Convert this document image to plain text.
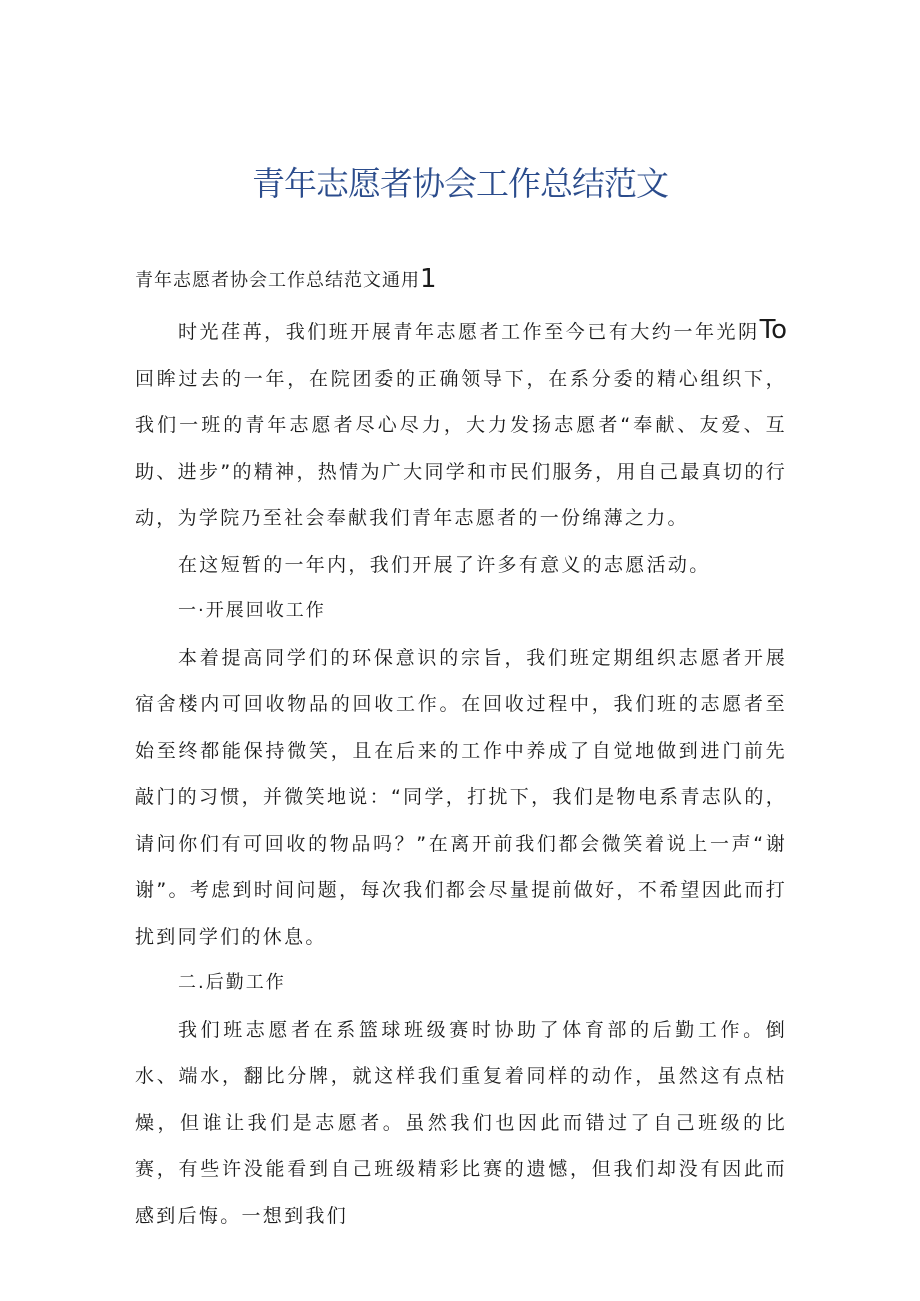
青年志愿者协会工作总结范文
青年志愿者协会工作总结范文通用1

时光荏苒，我们班开展青年志愿者工作至今已有大约一年光阴To回眸过去的一年，在院团委的正确领导下，在系分委的精心组织下，我们一班的青年志愿者尽心尽力，大力发扬志愿者“奉献、友爱、互助、进步”的精神，热情为广大同学和市民们服务，用自己最真切的行动，为学院乃至社会奉献我们青年志愿者的一份绵薄之力。

在这短暂的一年内，我们开展了许多有意义的志愿活动。

一·开展回收工作

本着提高同学们的环保意识的宗旨，我们班定期组织志愿者开展宿舍楼内可回收物品的回收工作。在回收过程中，我们班的志愿者至始至终都能保持微笑，且在后来的工作中养成了自觉地做到进门前先敲门的习惯，并微笑地说：“同学，打扰下，我们是物电系青志队的，请问你们有可回收的物品吗？”在离开前我们都会微笑着说上一声“谢谢”。考虑到时间问题，每次我们都会尽量提前做好，不希望因此而打扰到同学们的休息。

二.后勤工作

我们班志愿者在系篮球班级赛时协助了体育部的后勤工作。倒水、端水，翻比分牌，就这样我们重复着同样的动作，虽然这有点枯燥，但谁让我们是志愿者。虽然我们也因此而错过了自己班级的比赛，有些许没能看到自己班级精彩比赛的遗憾，但我们却没有因此而感到后悔。一想到我们
